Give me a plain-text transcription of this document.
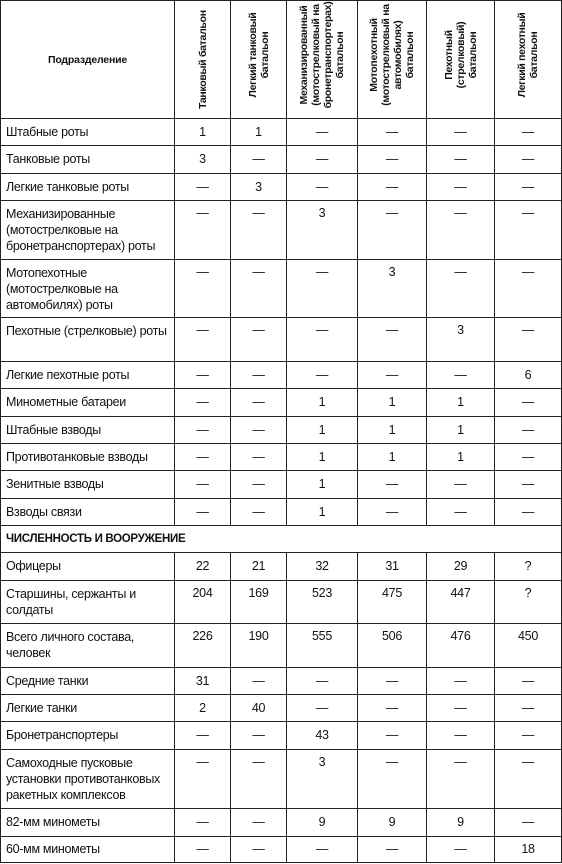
Подразделение	Танковый батальон	Легкий танковый батальон	Механизированный (мотострелковый на бронетранспортерах) батальон	Мотопехотный (мотострелковый на автомобилях) батальон	Пехотный (стрелковый) батальон	Легкий пехотный батальон

Штабные роты	1	1	—	—	—	—
Танковые роты	3	—	—	—	—	—
Легкие танковые роты	—	3	—	—	—	—
Механизированные (мотострелковые на бронетранспортерах) роты	—	—	3	—	—	—
Мотопехотные (мотострелковые на автомобилях) роты	—	—	—	3	—	—
Пехотные (стрелковые) роты	—	—	—	—	3	—
Легкие пехотные роты	—	—	—	—	—	6
Минометные батареи	—	—	1	1	1	—
Штабные взводы	—	—	1	1	1	—
Противотанковые взводы	—	—	1	1	1	—
Зенитные взводы	—	—	1	—	—	—
Взводы связи	—	—	1	—	—	—
ЧИСЛЕННОСТЬ И ВООРУЖЕНИЕ						
Офицеры	22	21	32	31	29	?
Старшины, сержанты и солдаты	204	169	523	475	447	?
Всего личного состава, человек	226	190	555	506	476	450
Средние танки	31	—	—	—	—	—
Легкие танки	2	40	—	—	—	—
Бронетранспортеры	—	—	43	—	—	—
Самоходные пусковые установки противотанковых ракетных комплексов	—	—	3	—	—	—
82-мм минометы	—	—	9	9	9	—
60-мм минометы	—	—	—	—	—	18
